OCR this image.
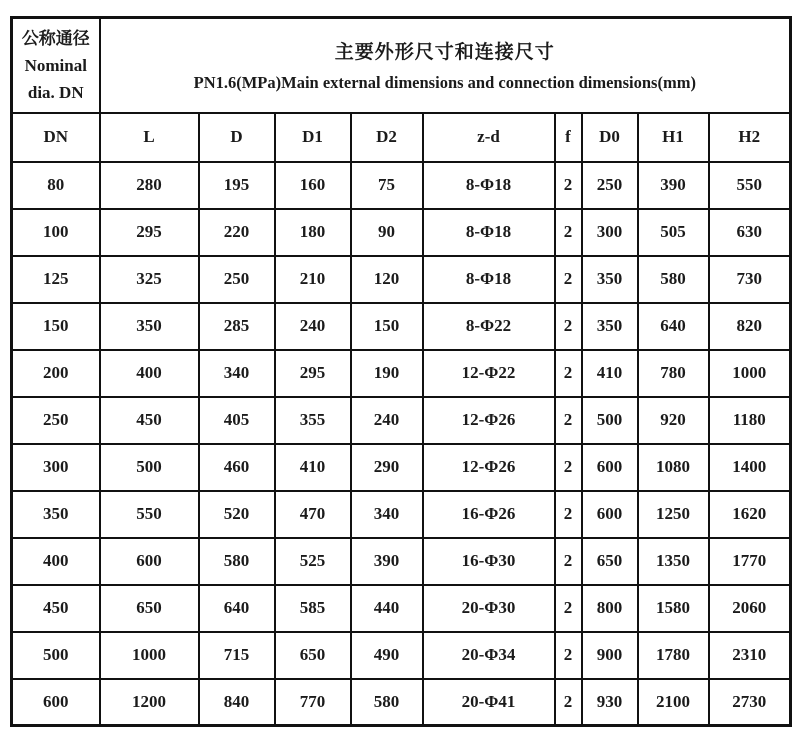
公称通径
Nominal
dia. DN

主要外形尺寸和连接尺寸
PN1.6(MPa)Main external dimensions and connection dimensions(mm)

DN	L	D	D1	D2	z-d	f	D0	H1	H2
80	280	195	160	75	8-Φ18	2	250	390	550
100	295	220	180	90	8-Φ18	2	300	505	630
125	325	250	210	120	8-Φ18	2	350	580	730
150	350	285	240	150	8-Φ22	2	350	640	820
200	400	340	295	190	12-Φ22	2	410	780	1000
250	450	405	355	240	12-Φ26	2	500	920	1180
300	500	460	410	290	12-Φ26	2	600	1080	1400
350	550	520	470	340	16-Φ26	2	600	1250	1620
400	600	580	525	390	16-Φ30	2	650	1350	1770
450	650	640	585	440	20-Φ30	2	800	1580	2060
500	1000	715	650	490	20-Φ34	2	900	1780	2310
600	1200	840	770	580	20-Φ41	2	930	2100	2730
